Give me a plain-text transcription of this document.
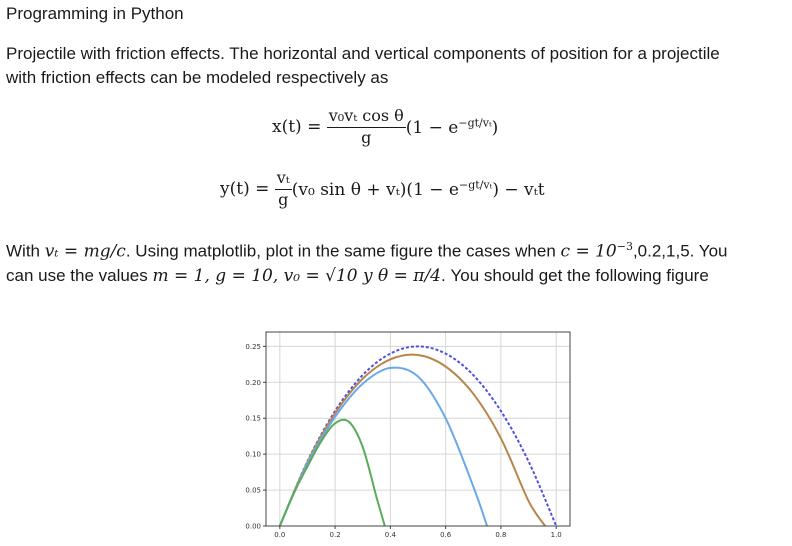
Programming in Python
Projectile with friction effects. The horizontal and vertical components of position for a projectile
with friction effects can be modeled respectively as
$x(t) = \frac{\text{v₀vₜ cos θ}}{g} (1 - e^{-gt/v_t})$
$y(t) = \frac{\text{vₜ}}{g} (v_0$ $\sin \theta + v_t)(1 - e^{-gt/v_t}) - v_tt$
With vₜ = mg/c. Using matplotlib, plot in the same figure the cases when $c = 10^{-3},0.2,1,5$. You
can use the values m = 1, g = 10, v₀ = √10 y θ = π/4. You should get the following figure
0.0	0.2	0.4	0.6	0.8	1.0
0.00
0.05
0.10
0.15
0.20
0.25
